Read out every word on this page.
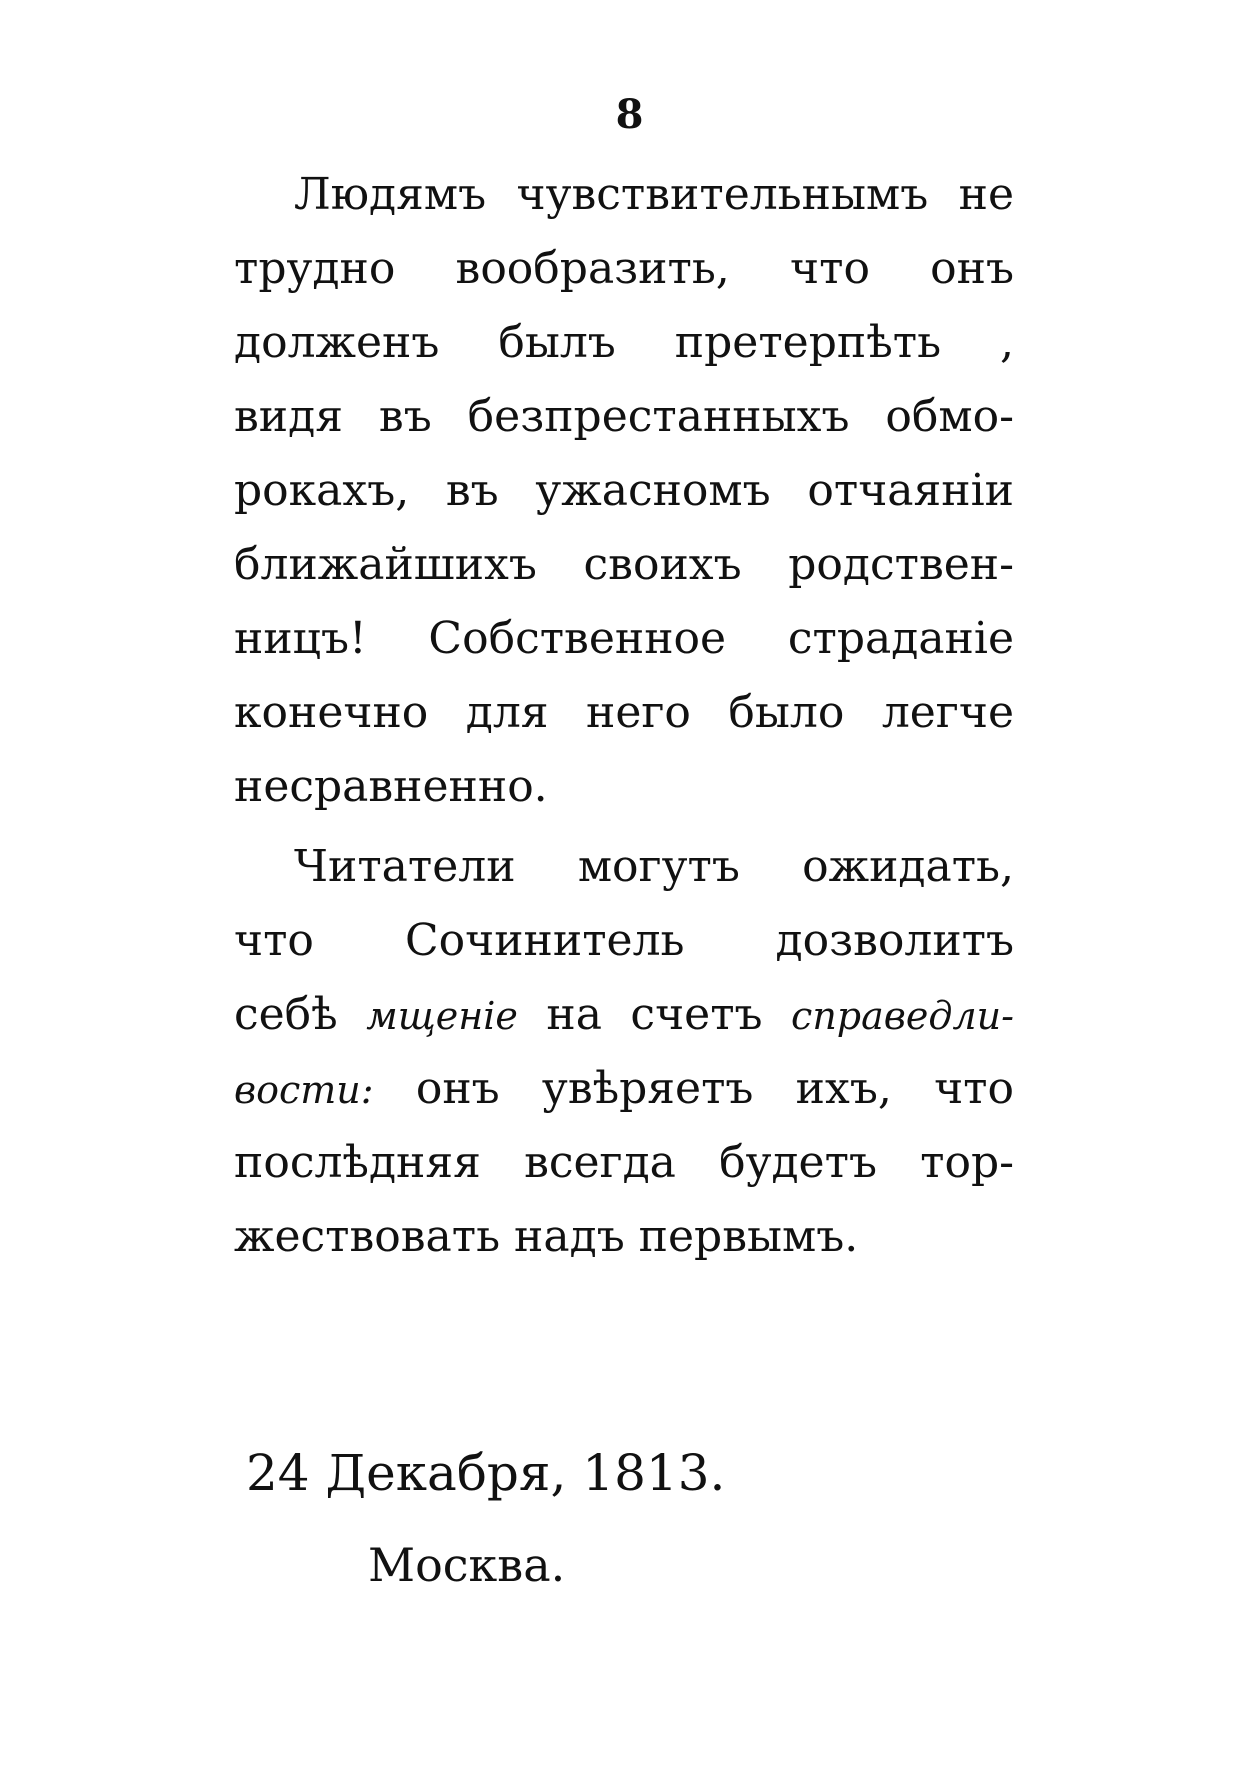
8
Людямъ чувствительнымъ не
трудно вообразить, что онъ
долженъ былъ претерпѣть ,
видя въ безпрестанныхъ обмо-
рокахъ, въ ужасномъ отчаяніи
ближайшихъ своихъ родствен-
ницъ! Собственное страданіе
конечно для него было легче
несравненно.
Читатели могутъ ожидать,
что Сочинитель дозволитъ
себѣ мщеніе на счетъ справедли-
вости: онъ увѣряетъ ихъ, что
послѣдняя всегда будетъ тор-
жествовать надъ первымъ.
24 Декабря, 1813.
Москва.
